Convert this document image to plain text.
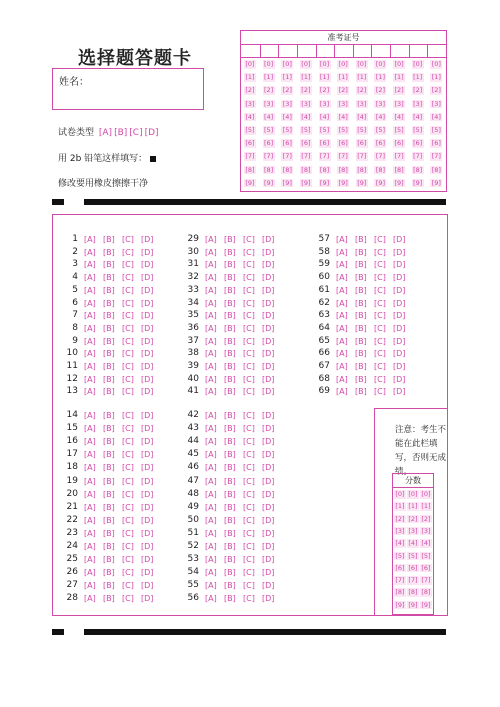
选择题答题卡
姓名：
试卷类型 [A] [B] [C] [D]
用 2b 铅笔这样填写：
修改要用橡皮擦擦干净
准考证号
[0]
[1]
[2]
[3]
[4]
[5]
[6]
[7]
[8]
[9]
[0]
[1]
[2]
[3]
[4]
[5]
[6]
[7]
[8]
[9]
[0]
[1]
[2]
[3]
[4]
[5]
[6]
[7]
[8]
[9]
[0]
[1]
[2]
[3]
[4]
[5]
[6]
[7]
[8]
[9]
[0]
[1]
[2]
[3]
[4]
[5]
[6]
[7]
[8]
[9]
[0]
[1]
[2]
[3]
[4]
[5]
[6]
[7]
[8]
[9]
[0]
[1]
[2]
[3]
[4]
[5]
[6]
[7]
[8]
[9]
[0]
[1]
[2]
[3]
[4]
[5]
[6]
[7]
[8]
[9]
[0]
[1]
[2]
[3]
[4]
[5]
[6]
[7]
[8]
[9]
[0]
[1]
[2]
[3]
[4]
[5]
[6]
[7]
[8]
[9]
[0]
[1]
[2]
[3]
[4]
[5]
[6]
[7]
[8]
[9]
1 [A] [B] [C] [D]
2 [A] [B] [C] [D]
3 [A] [B] [C] [D]
4 [A] [B] [C] [D]
5 [A] [B] [C] [D]
6 [A] [B] [C] [D]
7 [A] [B] [C] [D]
8 [A] [B] [C] [D]
9 [A] [B] [C] [D]
10 [A] [B] [C] [D]
11 [A] [B] [C] [D]
12 [A] [B] [C] [D]
13 [A] [B] [C] [D]
29 [A] [B] [C] [D]
30 [A] [B] [C] [D]
31 [A] [B] [C] [D]
32 [A] [B] [C] [D]
33 [A] [B] [C] [D]
34 [A] [B] [C] [D]
35 [A] [B] [C] [D]
36 [A] [B] [C] [D]
37 [A] [B] [C] [D]
38 [A] [B] [C] [D]
39 [A] [B] [C] [D]
40 [A] [B] [C] [D]
41 [A] [B] [C] [D]
57 [A] [B] [C] [D]
58 [A] [B] [C] [D]
59 [A] [B] [C] [D]
60 [A] [B] [C] [D]
61 [A] [B] [C] [D]
62 [A] [B] [C] [D]
63 [A] [B] [C] [D]
64 [A] [B] [C] [D]
65 [A] [B] [C] [D]
66 [A] [B] [C] [D]
67 [A] [B] [C] [D]
68 [A] [B] [C] [D]
69 [A] [B] [C] [D]
14 [A] [B] [C] [D]
15 [A] [B] [C] [D]
16 [A] [B] [C] [D]
17 [A] [B] [C] [D]
18 [A] [B] [C] [D]
19 [A] [B] [C] [D]
20 [A] [B] [C] [D]
21 [A] [B] [C] [D]
22 [A] [B] [C] [D]
23 [A] [B] [C] [D]
24 [A] [B] [C] [D]
25 [A] [B] [C] [D]
26 [A] [B] [C] [D]
27 [A] [B] [C] [D]
28 [A] [B] [C] [D]
42 [A] [B] [C] [D]
43 [A] [B] [C] [D]
44 [A] [B] [C] [D]
45 [A] [B] [C] [D]
46 [A] [B] [C] [D]
47 [A] [B] [C] [D]
48 [A] [B] [C] [D]
49 [A] [B] [C] [D]
50 [A] [B] [C] [D]
51 [A] [B] [C] [D]
52 [A] [B] [C] [D]
53 [A] [B] [C] [D]
54 [A] [B] [C] [D]
55 [A] [B] [C] [D]
56 [A] [B] [C] [D]
注意：考生不能在此栏填写，否则无成绩。
分数
[0]
[1]
[2]
[3]
[4]
[5]
[6]
[7]
[8]
[9]
[0]
[1]
[2]
[3]
[4]
[5]
[6]
[7]
[8]
[9]
[0]
[1]
[2]
[3]
[4]
[5]
[6]
[7]
[8]
[9]
